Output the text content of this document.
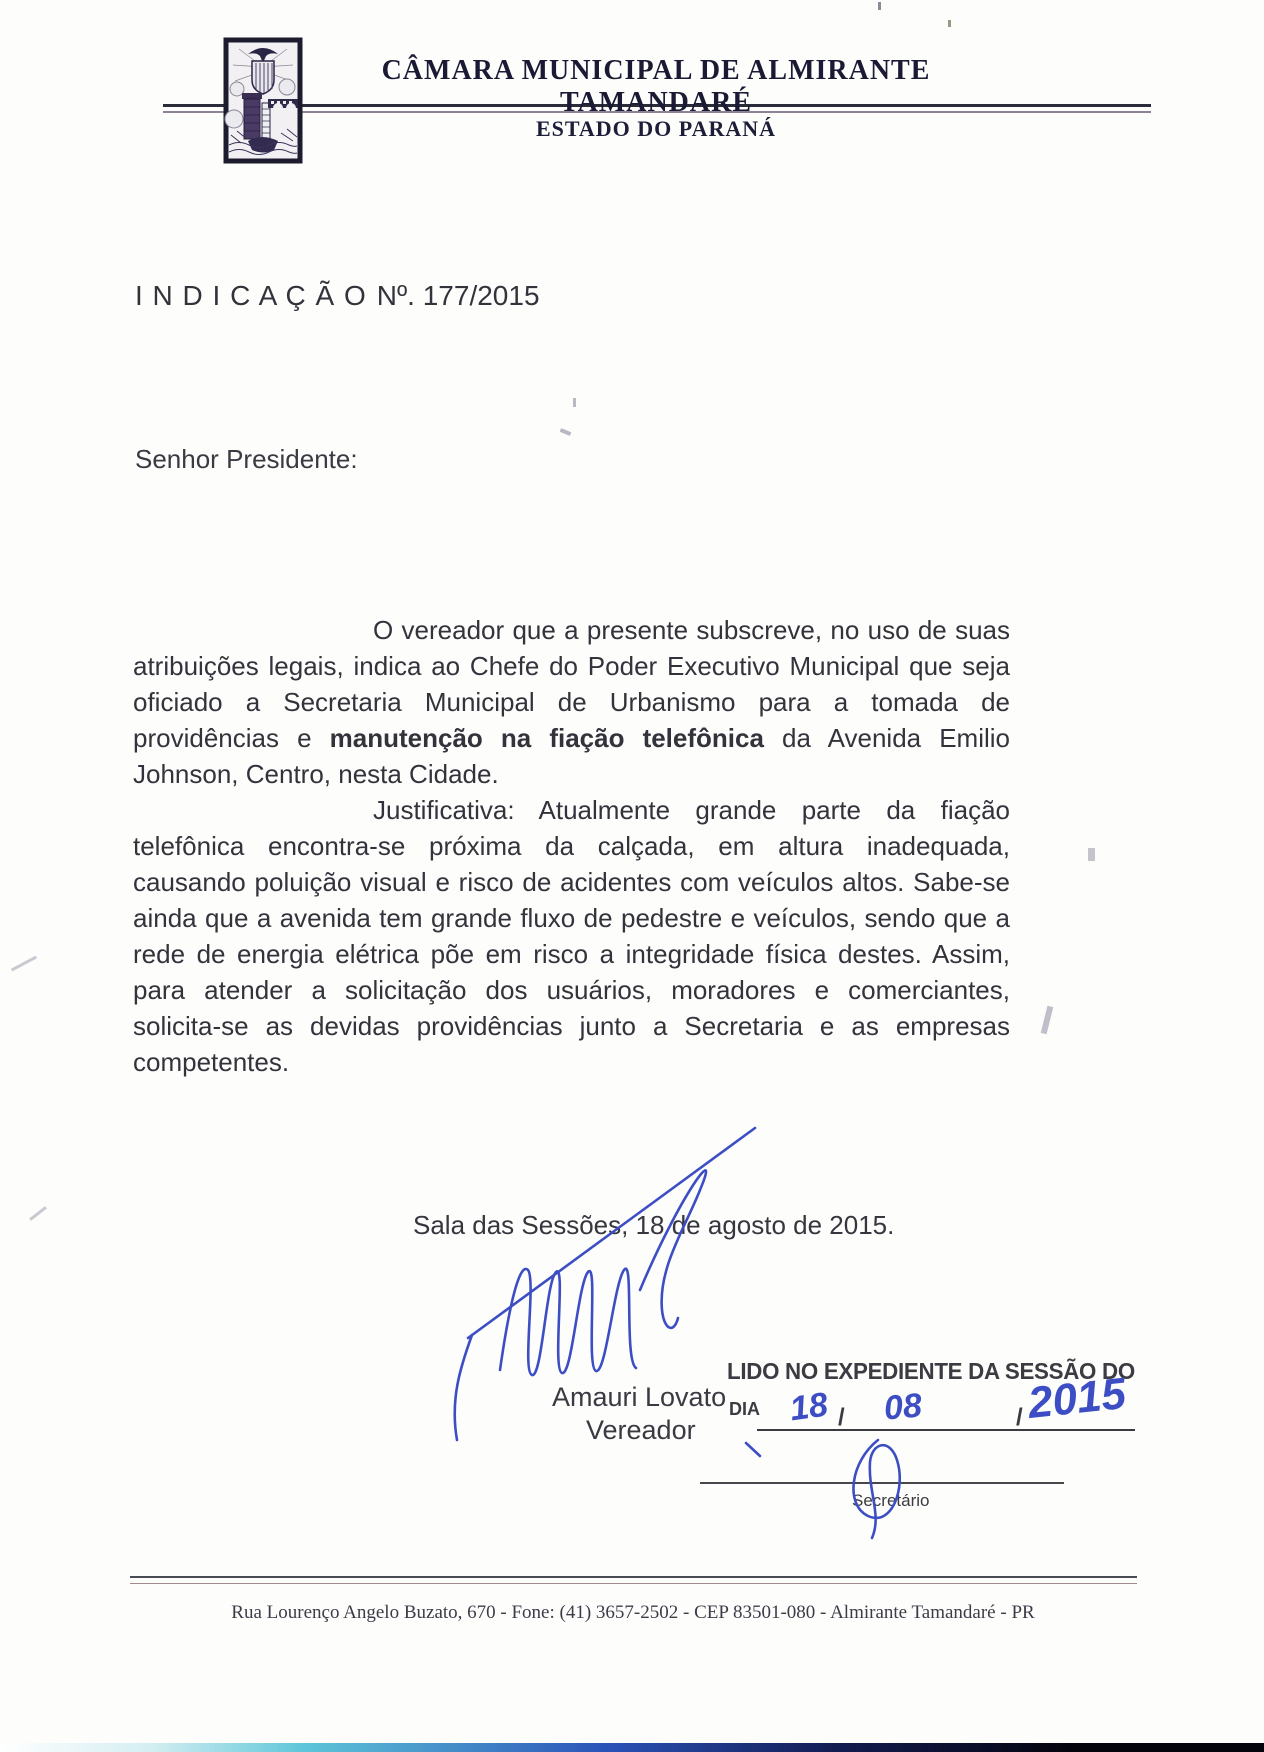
CÂMARA MUNICIPAL DE ALMIRANTE TAMANDARÉ
ESTADO DO PARANÁ
I N D I C A Ç Ã O Nº. 177/2015
Senhor Presidente:

O vereador que a presente subscreve, no uso de suas atribuições legais, indica ao Chefe do Poder Executivo Municipal que seja oficiado a Secretaria Municipal de Urbanismo para a tomada de providências e manutenção na fiação telefônica da Avenida Emilio Johnson, Centro, nesta Cidade.

Justificativa: Atualmente grande parte da fiação telefônica encontra-se próxima da calçada, em altura inadequada, causando poluição visual e risco de acidentes com veículos altos. Sabe-se ainda que a avenida tem grande fluxo de pedestre e veículos, sendo que a rede de energia elétrica põe em risco a integridade física destes. Assim, para atender a solicitação dos usuários, moradores e comerciantes, solicita-se as devidas providências junto a Secretaria e as empresas competentes.

Sala das Sessões, 18 de agosto de 2015.
Amauri Lovato
Vereador
LIDO NO EXPEDIENTE DA SESSÃO DO
DIA	/	/
18 08 2015
Secretário
Rua Lourenço Angelo Buzato, 670 - Fone: (41) 3657-2502 - CEP 83501-080 - Almirante Tamandaré - PR
